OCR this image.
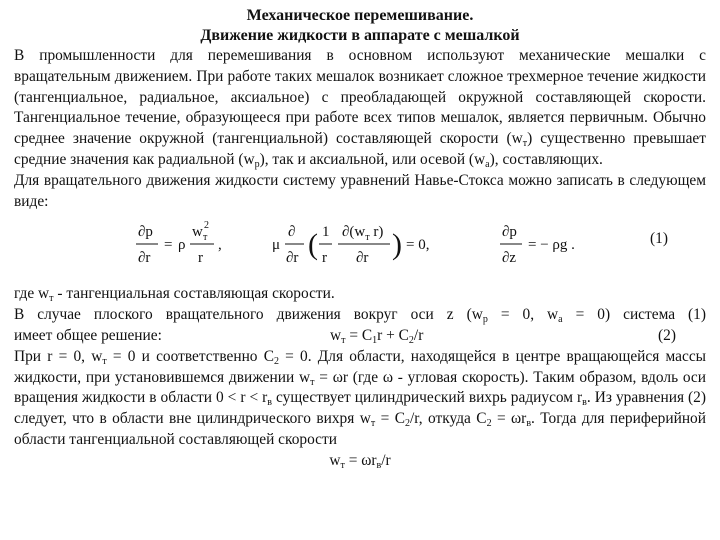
Механическое перемешивание.
Движение жидкости в аппарате с мешалкой

В промышленности для перемешивания в основном используют механические мешалки с вращательным движением. При работе таких мешалок возникает сложное трехмерное течение жидкости (тангенциальное, радиальное, аксиальное) с преобладающей окружной составляющей скорости. Тангенциальное течение, образующееся при работе всех типов мешалок, является первичным. Обычно среднее значение окружной (тангенциальной) составляющей скорости $(w_т)$ существенно превышает средние значения как радиальной $(w_р)$, так и аксиальной, или осевой $(w_а)$, составляющих.

Для вращательного движения жидкости систему уравнений Навье-Стокса можно записать в следующем виде:

∂p
∂r
= ρ
w 2
т
r
,	μ
∂
∂r ( 1
r
$\partial(w_т$ r)
∂r ) = 0,
∂p
∂z
= − ρg .	(1)

где $w_т$ - тангенциальная составляющая скорости.

В случае плоского вращательного движения вокруг оси z ($w_р = 0$, $w_а = 0$) система (1)

имеет общее решение:	$w_т = C_1r + C_2/r$	(2)

При r = 0, $w_т = 0$ и соответственно $C_2 = 0$. Для области, находящейся в центре вращающейся массы жидкости, при установившемся движении $w_т = \omega r$ (где ω - угловая скорость). Таким образом, вдоль оси вращения жидкости в области $0 < r < r_в$ существует цилиндрический вихрь радиусом $r_в$. Из уравнения (2) следует, что в области вне цилиндрического вихря $w_т = C_2/r$, откуда $C_2 = \omega r_в$. Тогда для периферийной области тангенциальной составляющей скорости

$w_т = \omega r_в/r$
